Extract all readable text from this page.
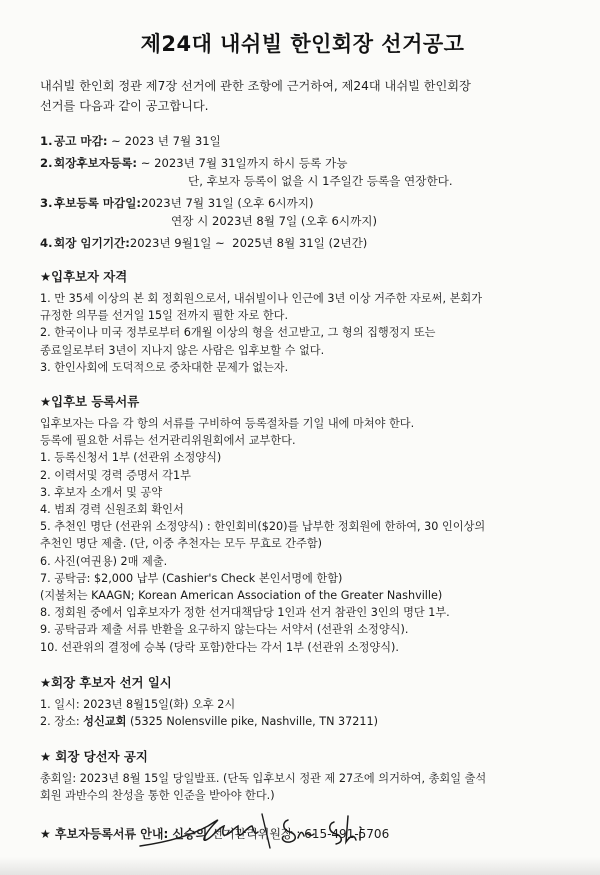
제24대 내쉬빌 한인회장 선거공고
내쉬빌 한인회 정관 제7장 선거에 관한 조항에 근거하여, 제24대 내쉬빌 한인회장
선거를 다음과 같이 공고합니다.
1. 공고 마감: ~ 2023 년 7월 31일
2. 회장후보자등록: ~ 2023년 7월 31일까지 하시 등록 가능
단, 후보자 등록이 없을 시 1주일간 등록을 연장한다.
3. 후보등록 마감일: 2023년 7월 31일 (오후 6시까지)
연장 시 2023년 8월 7일 (오후 6시까지)
4. 회장 임기기간: 2023년 9월1일 ~  2025년 8월 31일 (2년간)
★입후보자 자격
1. 만 35세 이상의 본 회 정회원으로서, 내쉬빌이나 인근에 3년 이상 거주한 자로써, 본회가
규정한 의무를 선거일 15일 전까지 필한 자로 한다.
2. 한국이나 미국 정부로부터 6개월 이상의 형을 선고받고, 그 형의 집행정지 또는
종료일로부터 3년이 지나지 않은 사람은 입후보할 수 없다.
3. 한인사회에 도덕적으로 중차대한 문제가 없는자.
★입후보 등록서류
입후보자는 다음 각 항의 서류를 구비하여 등록절차를 기일 내에 마쳐야 한다.
등록에 필요한 서류는 선거관리위원회에서 교부한다.
1. 등록신청서 1부 (선관위 소정양식)
2. 이력서및 경력 증명서 각1부
3. 후보자 소개서 및 공약
4. 범죄 경력 신원조회 확인서
5. 추천인 명단 (선관위 소정양식) : 한인회비($20)를 납부한 정회원에 한하여, 30 인이상의
추천인 명단 제출. (단, 이중 추천자는 모두 무효로 간주함)
6. 사진(여권용) 2매 제출.
7. 공탁금: $2,000 납부 (Cashier's Check 본인서명에 한함)
(지불처는 KAAGN; Korean American Association of the Greater Nashville)
8. 정회원 중에서 입후보자가 정한 선거대책담당 1인과 선거 참관인 3인의 명단 1부.
9. 공탁금과 제출 서류 반환을 요구하지 않는다는 서약서 (선관위 소정양식).
10. 선관위의 결정에 승복 (당락 포함)한다는 각서 1부 (선관위 소정양식).
★회장 후보자 선거 일시
1. 일시: 2023년 8월15일(화) 오후 2시
2. 장소: 성신교회 (5325 Nolensville pike, Nashville, TN 37211)
★ 회장 당선자 공지
총회일: 2023년 8월 15일 당일발표. (단독 입후보시 정관 제 27조에 의거하여, 총회일 출석
회원 과반수의 찬성을 통한 인준을 받아야 한다.)
★ 후보자등록서류 안내: 신승의 선거관리위원장 : 615-491-5706
